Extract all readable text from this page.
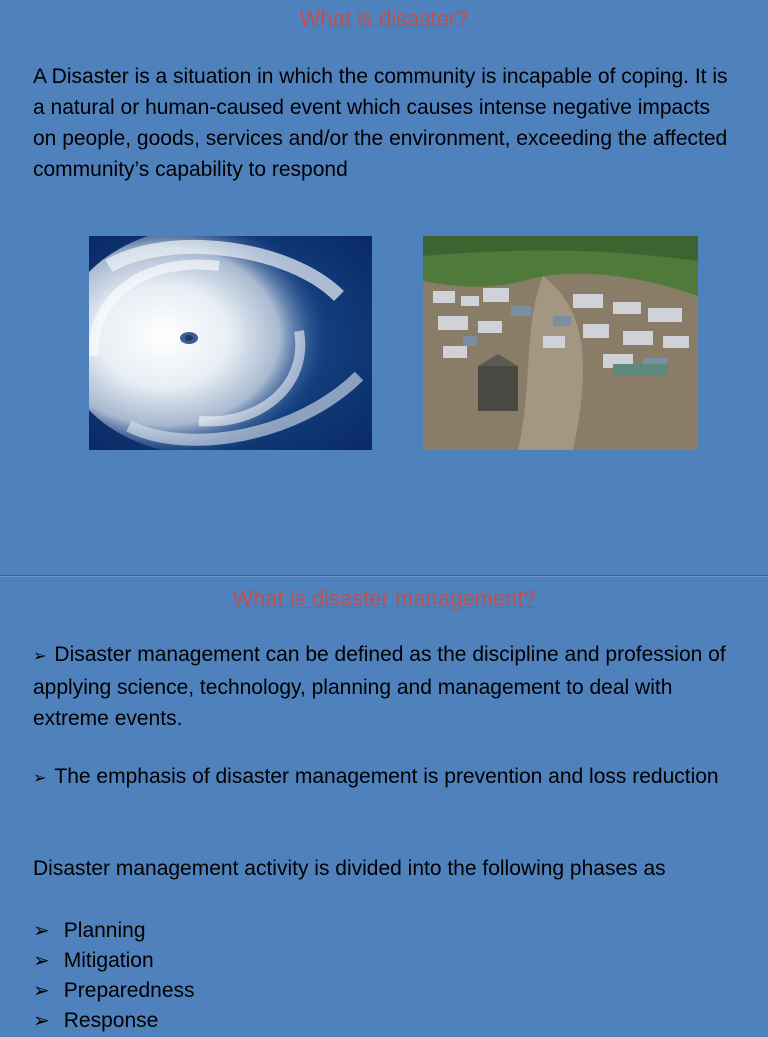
What is disaster?
A Disaster is a situation in which the community is incapable of coping. It is a natural or human-caused event which causes intense negative impacts on people, goods, services and/or the environment, exceeding the affected community’s capability to respond
What is disaster management?
➢ Disaster management can be defined as the discipline and profession of applying science, technology, planning and management to deal with extreme events.
➢ The emphasis of disaster management is prevention and loss reduction
Disaster management activity is divided into the following phases as
➢ Planning
➢ Mitigation
➢ Preparedness
➢ Response
